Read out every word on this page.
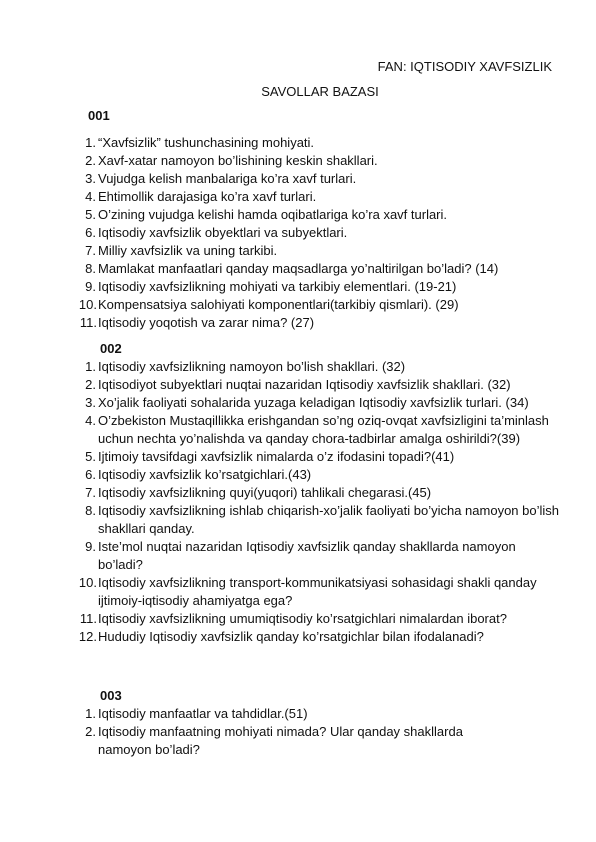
FAN: IQTISODIY XAVFSIZLIK
SAVOLLAR BAZASI
001
1. “Xavfsizlik” tushunchasining mohiyati.
2. Xavf-xatar namoyon bo’lishining keskin shakllari.
3. Vujudga kelish manbalariga ko’ra xavf turlari.
4. Ehtimollik darajasiga ko’ra xavf turlari.
5. O’zining vujudga kelishi hamda oqibatlariga ko’ra xavf turlari.
6. Iqtisodiy xavfsizlik obyektlari va subyektlari.
7. Milliy xavfsizlik va uning tarkibi.
8. Mamlakat manfaatlari qanday maqsadlarga yo’naltirilgan bo’ladi? (14)
9. Iqtisodiy xavfsizlikning mohiyati va tarkibiy elementlari. (19-21)
10. Kompensatsiya salohiyati komponentlari(tarkibiy qismlari). (29)
11. Iqtisodiy yoqotish va zarar nima? (27)
002
1. Iqtisodiy xavfsizlikning namoyon bo’lish shakllari. (32)
2. Iqtisodiyot subyektlari nuqtai nazaridan Iqtisodiy xavfsizlik shakllari. (32)
3. Xo’jalik faoliyati sohalarida yuzaga keladigan Iqtisodiy xavfsizlik turlari. (34)
4. O’zbekiston Mustaqillikka erishgandan so’ng oziq-ovqat xavfsizligini ta’minlash uchun nechta yo’nalishda va qanday chora-tadbirlar amalga oshirildi?(39)
5. Ijtimoiy tavsifdagi xavfsizlik nimalarda o’z ifodasini topadi?(41)
6. Iqtisodiy xavfsizlik ko’rsatgichlari.(43)
7. Iqtisodiy xavfsizlikning quyi(yuqori) tahlikali chegarasi.(45)
8. Iqtisodiy xavfsizlikning ishlab chiqarish-xo’jalik faoliyati bo’yicha namoyon bo’lish shakllari qanday.
9. Iste’mol nuqtai nazaridan Iqtisodiy xavfsizlik qanday shakllarda namoyon bo’ladi?
10. Iqtisodiy xavfsizlikning transport-kommunikatsiyasi sohasidagi shakli qanday ijtimoiy-iqtisodiy ahamiyatga ega?
11. Iqtisodiy xavfsizlikning umumiqtisodiy ko’rsatgichlari nimalardan iborat?
12. Hududiy Iqtisodiy xavfsizlik qanday ko’rsatgichlar bilan ifodalanadi?
003
1. Iqtisodiy manfaatlar va tahdidlar.(51)
2. Iqtisodiy manfaatning mohiyati nimada? Ular qanday shakllarda namoyon bo’ladi?
